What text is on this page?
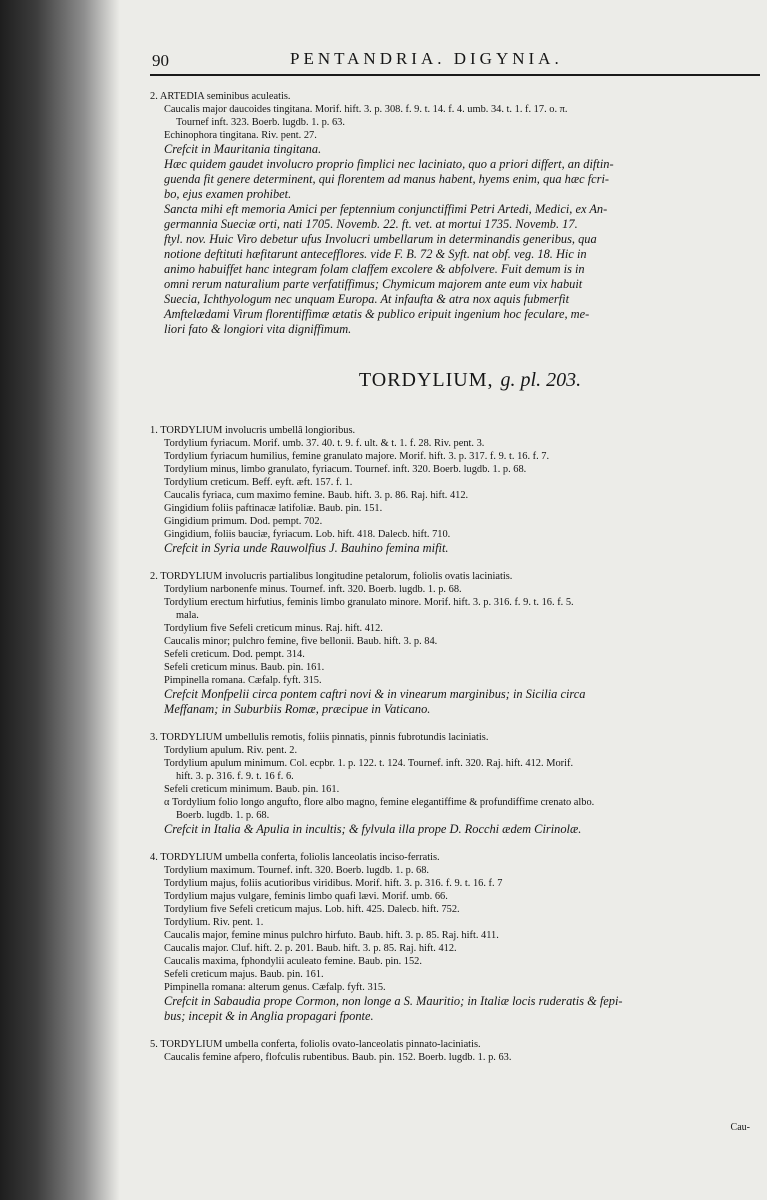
90	PENTANDRIA. DIGYNIA.
2. ARTEDIA seminibus aculeatis.
Caucalis major daucoides tingitana. Morif. hift. 3. p. 308. f. 9. t. 14. f. 4. umb. 34. t. 1. f. 17. o. π.
Tournef inft. 323. Boerb. lugdb. 1. p. 63.
Echinophora tingitana. Riv. pent. 27.
Crefcit in Mauritania tingitana.
Hæc quidem gaudet involucro proprio fimplici nec laciniato, quo a priori differt, an diftin-
guenda fit genere determinent, qui florentem ad manus habent, hyems enim, qua hæc fcri-
bo, ejus examen prohibet.
Sancta mihi eft memoria Amici per feptennium conjunctiffimi Petri Artedi, Medici, ex An-
germannia Sueciæ orti, nati 1705. Novemb. 22. ft. vet. at mortui 1735. Novemb. 17.
ftyl. nov. Huic Viro debetur ufus Involucri umbellarum in determinandis generibus, qua
notione deftituti hæfitarunt antecefflores. vide F. B. 72 & Syft. nat obf. veg. 18. Hic in
animo habuiffet hanc integram folam claffem excolere & abfolvere. Fuit demum is in
omni rerum naturalium parte verfatiffimus; Chymicum majorem ante eum vix habuit
Suecia, Ichthyologum nec unquam Europa. At infaufta & atra nox aquis fubmerfit
Amftelædami Virum florentiffimæ ætatis & publico eripuit ingenium hoc feculare, me-
liori fato & longiori vita digniffimum.
TORDYLIUM, g. pl. 203.
1. TORDYLIUM involucris umbellâ longioribus.
Tordylium fyriacum. Morif. umb. 37. 40. t. 9. f. ult. & t. 1. f. 28. Riv. pent. 3.
Tordylium fyriacum humilius, femine granulato majore. Morif. hift. 3. p. 317. f. 9. t. 16. f. 7.
Tordylium minus, limbo granulato, fyriacum. Tournef. inft. 320. Boerb. lugdb. 1. p. 68.
Tordylium creticum. Beff. eyft. æft. 157. f. 1.
Caucalis fyriaca, cum maximo femine. Baub. hift. 3. p. 86. Raj. hift. 412.
Gingidium foliis paftinacæ latifoliæ. Baub. pin. 151.
Gingidium primum. Dod. pempt. 702.
Gingidium, foliis bauciæ, fyriacum. Lob. hift. 418. Dalecb. hift. 710.
Crefcit in Syria unde Rauwolfius J. Bauhino femina mifit.
2. TORDYLIUM involucris partialibus longitudine petalorum, foliolis ovatis laciniatis.
Tordylium narbonenfe minus. Tournef. inft. 320. Boerb. lugdb. 1. p. 68.
Tordylium erectum hirfutius, feminis limbo granulato minore. Morif. hift. 3. p. 316. f. 9. t. 16. f. 5.
mala.
Tordylium five Sefeli creticum minus. Raj. hift. 412.
Caucalis minor; pulchro femine, five bellonii. Baub. hift. 3. p. 84.
Sefeli creticum. Dod. pempt. 314.
Sefeli creticum minus. Baub. pin. 161.
Pimpinella romana. Cæfalp. fyft. 315.
Crefcit Monfpelii circa pontem caftri novi & in vinearum marginibus; in Sicilia circa
Meffanam; in Suburbiis Romæ, præcipue in Vaticano.
3. TORDYLIUM umbellulis remotis, foliis pinnatis, pinnis fubrotundis laciniatis.
Tordylium apulum. Riv. pent. 2.
Tordylium apulum minimum. Col. ecpbr. 1. p. 122. t. 124. Tournef. inft. 320. Raj. hift. 412. Morif.
hift. 3. p. 316. f. 9. t. 16 f. 6.
Sefeli creticum minimum. Baub. pin. 161.
α Tordylium folio longo angufto, flore albo magno, femine elegantiffime & profundiffime crenato albo.
Boerb. lugdb. 1. p. 68.
Crefcit in Italia & Apulia in incultis; & fylvula illa prope D. Rocchi ædem Cirinolæ.
4. TORDYLIUM umbella conferta, foliolis lanceolatis inciso-ferratis.
Tordylium maximum. Tournef. inft. 320. Boerb. lugdb. 1. p. 68.
Tordylium majus, foliis acutioribus viridibus. Morif. hift. 3. p. 316. f. 9. t. 16. f. 7
Tordylium majus vulgare, feminis limbo quafi lævi. Morif. umb. 66.
Tordylium five Sefeli creticum majus. Lob. hift. 425. Dalecb. hift. 752.
Tordylium. Riv. pent. 1.
Caucalis major, femine minus pulchro hirfuto. Baub. hift. 3. p. 85. Raj. hift. 411.
Caucalis major. Cluf. hift. 2. p. 201. Baub. hift. 3. p. 85. Raj. hift. 412.
Caucalis maxima, fphondylii aculeato femine. Baub. pin. 152.
Sefeli creticum majus. Baub. pin. 161.
Pimpinella romana: alterum genus. Cæfalp. fyft. 315.
Crefcit in Sabaudia prope Cormon, non longe a S. Mauritio; in Italiæ locis ruderatis & fepi-
bus; incepit & in Anglia propagari fponte.
5. TORDYLIUM umbella conferta, foliolis ovato-lanceolatis pinnato-laciniatis.
Caucalis femine afpero, flofculis rubentibus. Baub. pin. 152. Boerb. lugdb. 1. p. 63.
Cau-
